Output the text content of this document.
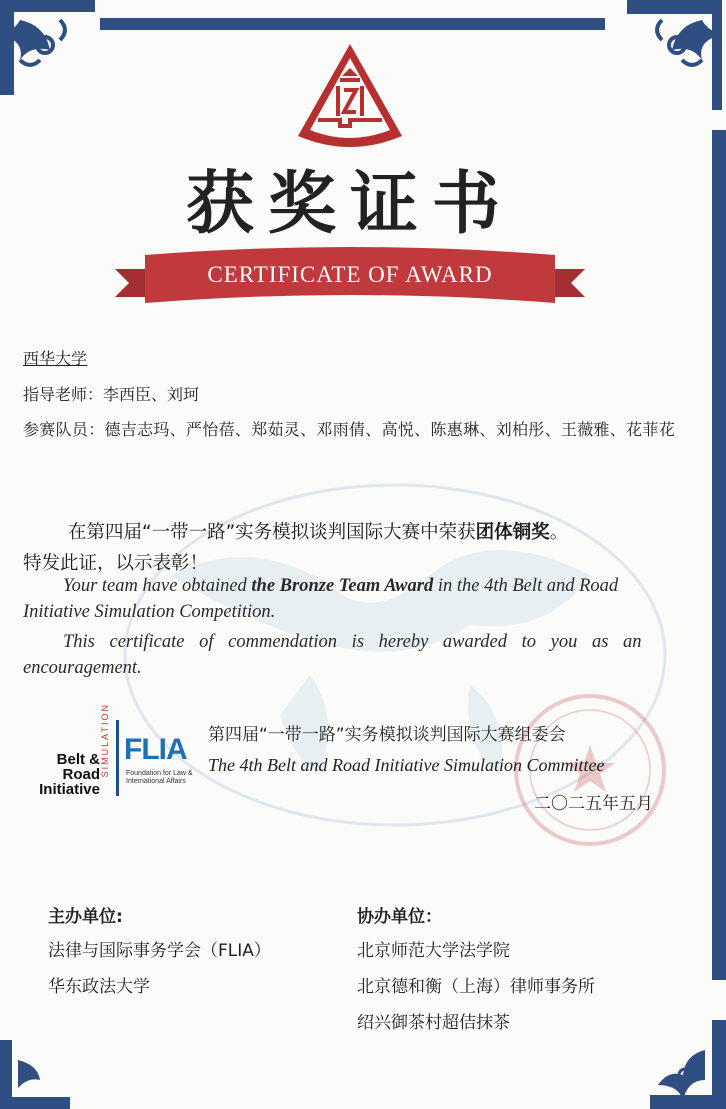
获奖证书
CERTIFICATE OF AWARD
西华大学
指导老师：李西臣、刘珂
参赛队员：德吉志玛、严怡蓓、郑茹灵、邓雨倩、高悦、陈惠琳、刘柏彤、王薇雅、花菲花
在第四届“一带一路”实务模拟谈判国际大赛中荣获团体铜奖。
特发此证，以示表彰！
Your team have obtained the Bronze Team Award in the 4th Belt and Road
Initiative Simulation Competition.
This certificate of commendation is hereby awarded to you as an
encouragement.
Belt &
Road
Initiative
SIMULATION FLIA
Foundation for Law & International Affairs
第四届“一带一路”实务模拟谈判国际大赛组委会
The 4th Belt and Road Initiative Simulation Committee
二〇二五年五月
主办单位:
法律与国际事务学会（FLIA）
华东政法大学
协办单位：
北京师范大学法学院
北京德和衡（上海）律师事务所
绍兴御茶村超佶抹茶
